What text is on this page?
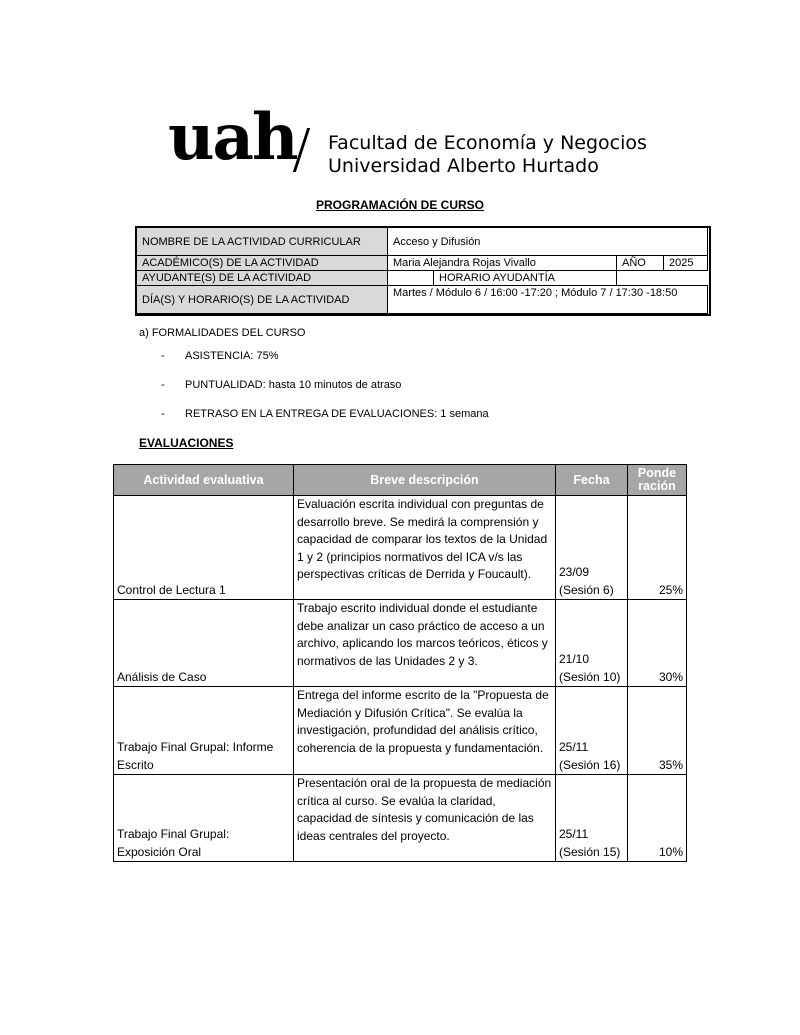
uah Facultad de Economía y Negocios
Universidad Alberto Hurtado
PROGRAMACIÓN DE CURSO
NOMBRE DE LA ACTIVIDAD CURRICULAR	Acceso y Difusión			
ACADÉMICO(S) DE LA ACTIVIDAD	Maria Alejandra Rojas Vivallo		AÑO	2025
AYUDANTE(S) DE LA ACTIVIDAD		HORARIO AYUDANTÍA		
DÍA(S) Y HORARIO(S) DE LA ACTIVIDAD	Martes / Módulo 6 / 16:00 -17:20 ; Módulo 7 / 17:30 -18:50			
a) FORMALIDADES DEL CURSO
- ASISTENCIA: 75%
- PUNTUALIDAD: hasta 10 minutos de atraso
- RETRASO EN LA ENTREGA DE EVALUACIONES: 1 semana
EVALUACIONES
Actividad evaluativa	Breve descripción	Fecha	Ponde ración
Control de Lectura 1	Evaluación escrita individual con preguntas de desarrollo breve. Se medirá la comprensión y capacidad de comparar los textos de la Unidad 1 y 2 (principios normativos del ICA v/s las perspectivas críticas de Derrida y Foucault).	23/09 (Sesión 6)	25%
Análisis de Caso	Trabajo escrito individual donde el estudiante debe analizar un caso práctico de acceso a un archivo, aplicando los marcos teóricos, éticos y normativos de las Unidades 2 y 3.	21/10 (Sesión 10)	30%
Trabajo Final Grupal: Informe Escrito	Entrega del informe escrito de la "Propuesta de Mediación y Difusión Crítica". Se evalúa la investigación, profundidad del análisis crítico, coherencia de la propuesta y fundamentación.	25/11 (Sesión 16)	35%
Trabajo Final Grupal: Exposición Oral	Presentación oral de la propuesta de mediación crítica al curso. Se evalúa la claridad, capacidad de síntesis y comunicación de las ideas centrales del proyecto.	25/11 (Sesión 15)	10%
